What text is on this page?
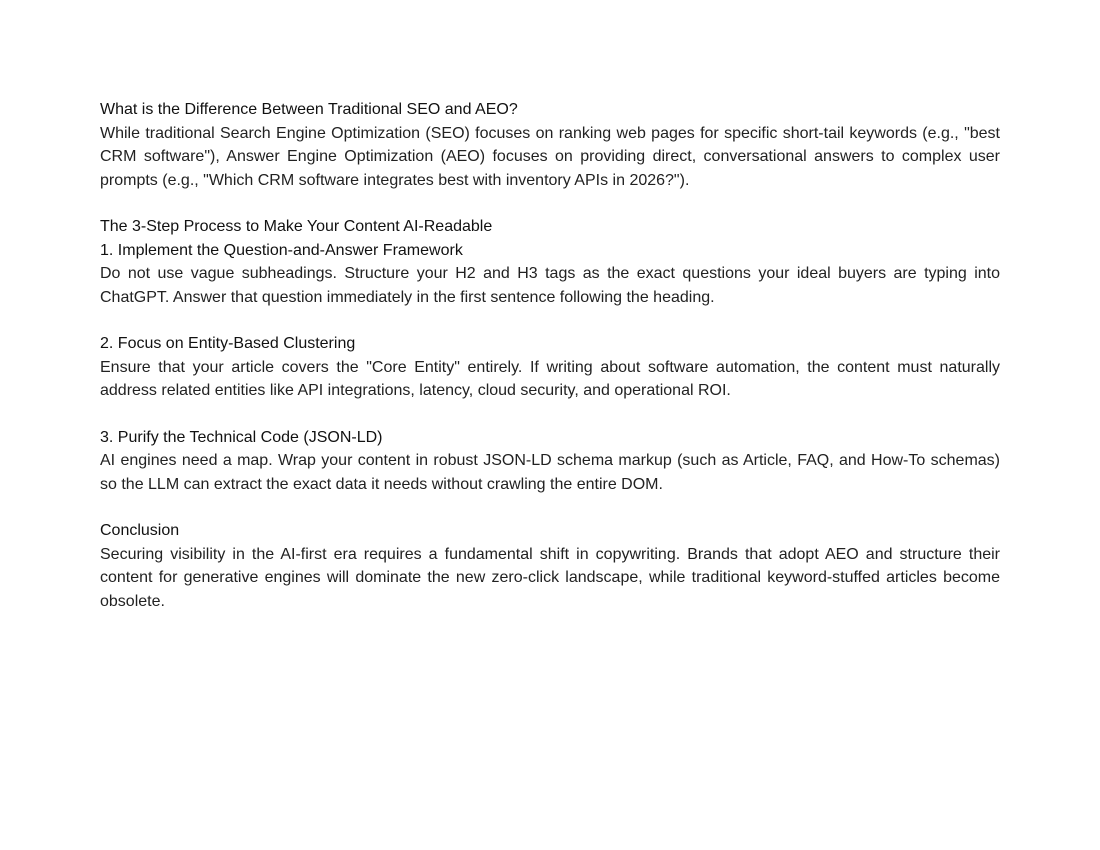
What is the Difference Between Traditional SEO and AEO?

While traditional Search Engine Optimization (SEO) focuses on ranking web pages for specific short-tail keywords (e.g., "best CRM software"), Answer Engine Optimization (AEO) focuses on providing direct, conversational answers to complex user prompts (e.g., "Which CRM software integrates best with inventory APIs in 2026?").

The 3-Step Process to Make Your Content AI-Readable
1. Implement the Question-and-Answer Framework

Do not use vague subheadings. Structure your H2 and H3 tags as the exact questions your ideal buyers are typing into ChatGPT. Answer that question immediately in the first sentence following the heading.

2. Focus on Entity-Based Clustering

Ensure that your article covers the "Core Entity" entirely. If writing about software automation, the content must naturally address related entities like API integrations, latency, cloud security, and operational ROI.

3. Purify the Technical Code (JSON-LD)

AI engines need a map. Wrap your content in robust JSON-LD schema markup (such as Article, FAQ, and How-To schemas) so the LLM can extract the exact data it needs without crawling the entire DOM.

Conclusion

Securing visibility in the AI-first era requires a fundamental shift in copywriting. Brands that adopt AEO and structure their content for generative engines will dominate the new zero-click landscape, while traditional keyword-stuffed articles become obsolete.
